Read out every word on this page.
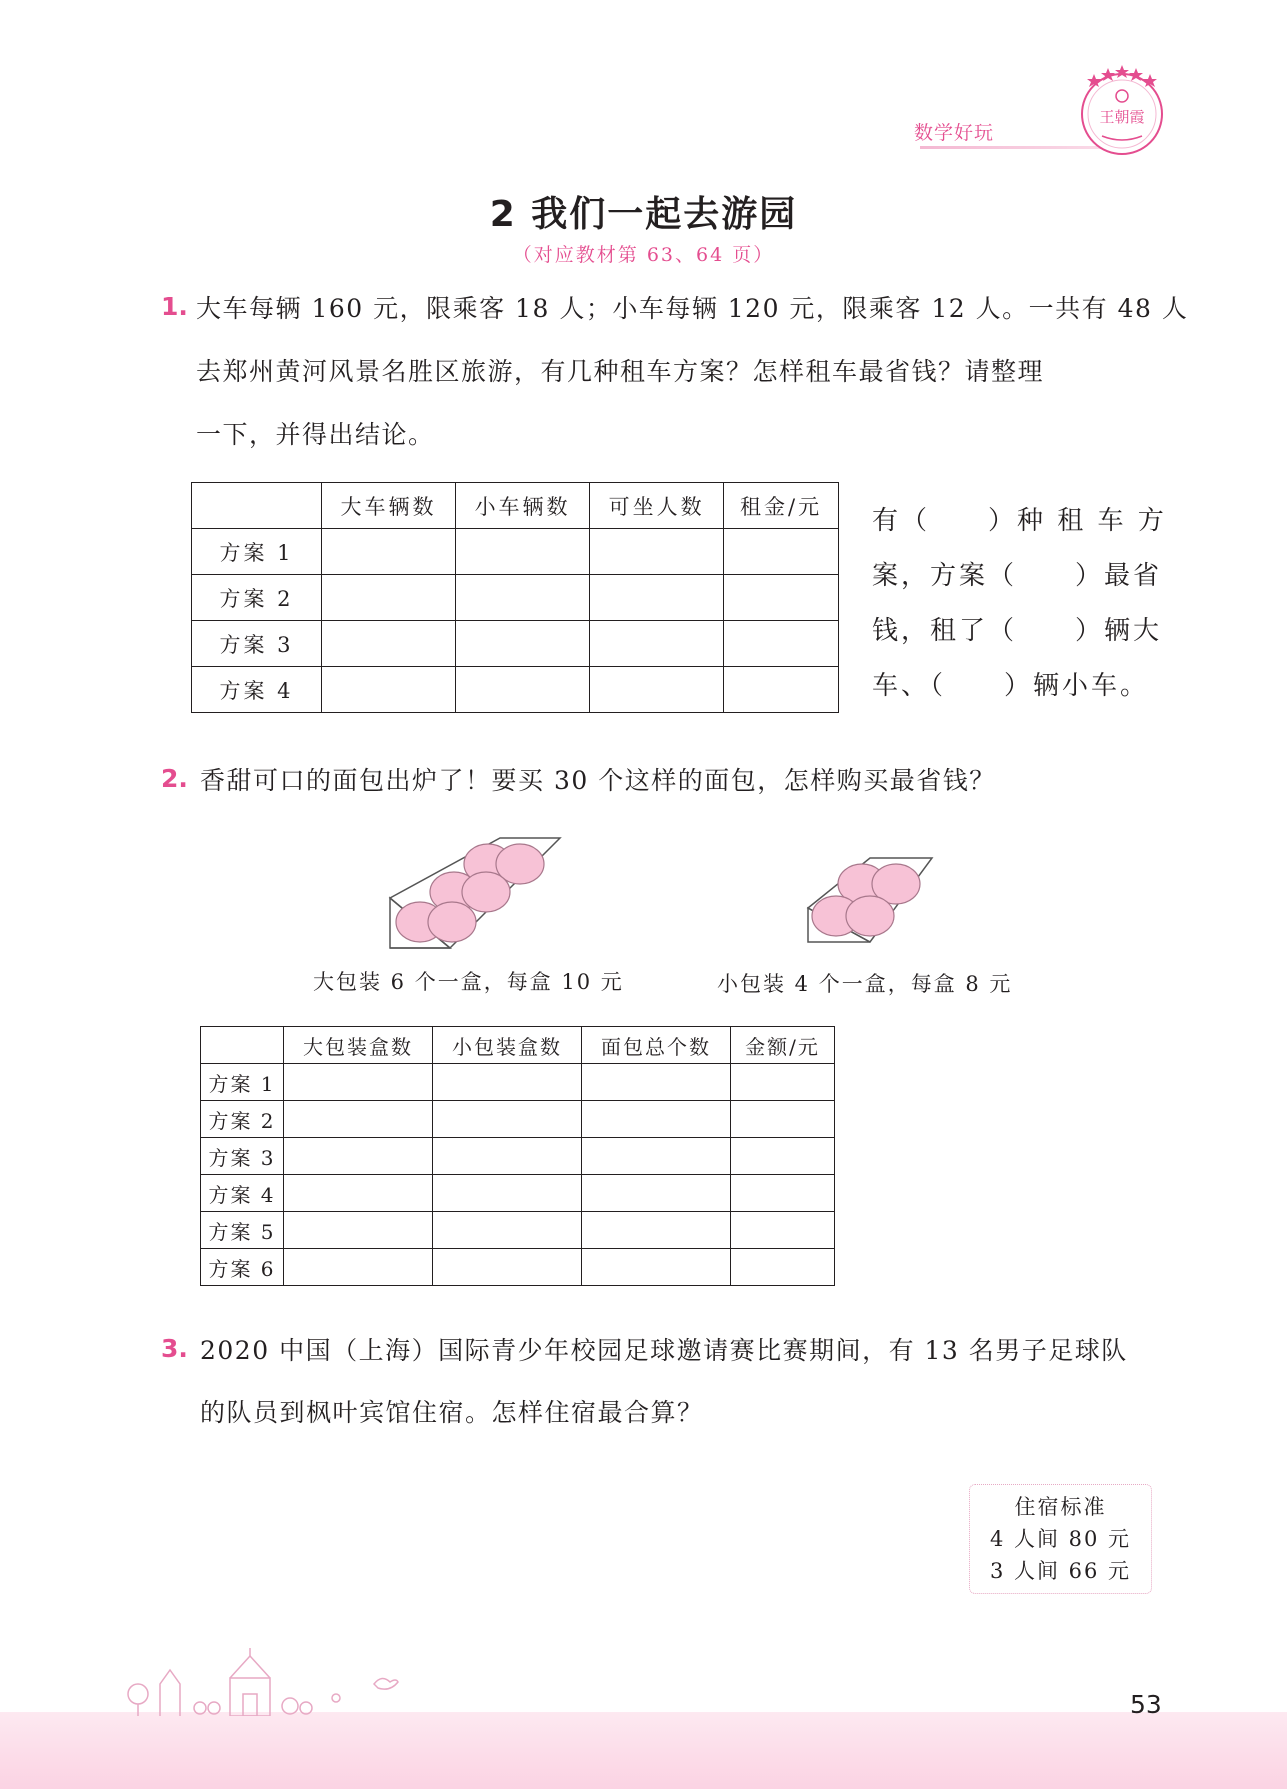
数学好玩
王朝霞
2 我们一起去游园
（对应教材第 63、64 页）
1. 大车每辆 160 元，限乘客 18 人；小车每辆 120 元，限乘客 12 人。一共有 48 人
去郑州黄河风景名胜区旅游，有几种租车方案？怎样租车最省钱？请整理
一下，并得出结论。
	大车辆数	小车辆数	可坐人数	租金/元
方案 1				
方案 2				
方案 3				
方案 4				
有（　　）种 租 车 方
案，方案（　　）最省
钱，租了（　　）辆大
车、（　　）辆小车。
2. 香甜可口的面包出炉了！要买 30 个这样的面包，怎样购买最省钱？
大包装 6 个一盒，每盒 10 元	小包装 4 个一盒，每盒 8 元
	大包装盒数	小包装盒数	面包总个数	金额/元
方案 1				
方案 2				
方案 3				
方案 4				
方案 5				
方案 6				
3. 2020 中国（上海）国际青少年校园足球邀请赛比赛期间，有 13 名男子足球队
的队员到枫叶宾馆住宿。怎样住宿最合算？
住宿标准
4 人间 80 元
3 人间 66 元
53
